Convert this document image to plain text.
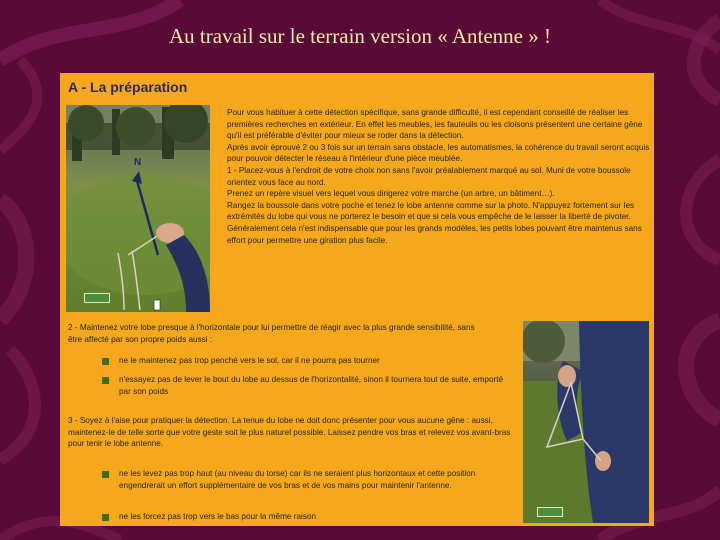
Au travail sur le terrain version « Antenne » !
A - La préparation
N

Pour vous habituer à cette détection spécifique, sans grande difficulté, il est cependant conseillé de réaliser les premières recherches en extérieur. En effet les meubles, les fauteuils ou les cloisons présentent une certaine gêne qu'il est préférable d'éviter pour mieux se roder dans la détection.

Après avoir éprouvé 2 ou 3 fois sur un terrain sans obstacle, les automatismes, la cohérence du travail seront acquis pour pouvoir détecter le réseau à l'intérieur d'une pièce meublée.

1 - Placez-vous à l'endroit de votre choix non sans l'avoir préalablement marqué au sol. Muni de votre boussole orientez vous face au nord.

Prenez un repère visuel vers lequel vous dirigerez votre marche (un arbre, un bâtiment…).

Rangez la boussole dans votre poche et tenez le lobe antenne comme sur la photo. N'appuyez fortement sur les extrémités du lobe qui vous ne porterez le besoin et que si cela vous empêche de le laisser la liberté de pivoter. Généralement cela n'est indispensable que pour les grands modèles, les petits lobes pouvant être maintenus sans effort pour permettre une giration plus facile.

2 - Maintenez votre lobe presque à l'horizontale pour lui permettre de réagir avec la plus grande sensibilité, sans être affecté par son propre poids aussi :
ne le maintenez pas trop penché vers le sol, car il ne pourra pas tourner
n'essayez pas de lever le bout du lobe au dessus de l'horizontalité, sinon il tournera tout de suite, emporté par son poids
3 - Soyez à l'aise pour pratiquer la détection. La tenue du lobe ne doit donc présenter pour vous aucune gêne : aussi, maintenez-le de telle sorte que votre geste soit le plus naturel possible. Laissez pendre vos bras et relevez vos avant-bras pour tenir le lobe antenne.
ne les levez pas trop haut (au niveau du torse) car ils ne seraient plus horizontaux et cette position engendrerait un effort supplémentaire de vos bras et de vos mains pour maintenir l'antenne.
ne les forcez pas trop vers le bas pour la même raison
